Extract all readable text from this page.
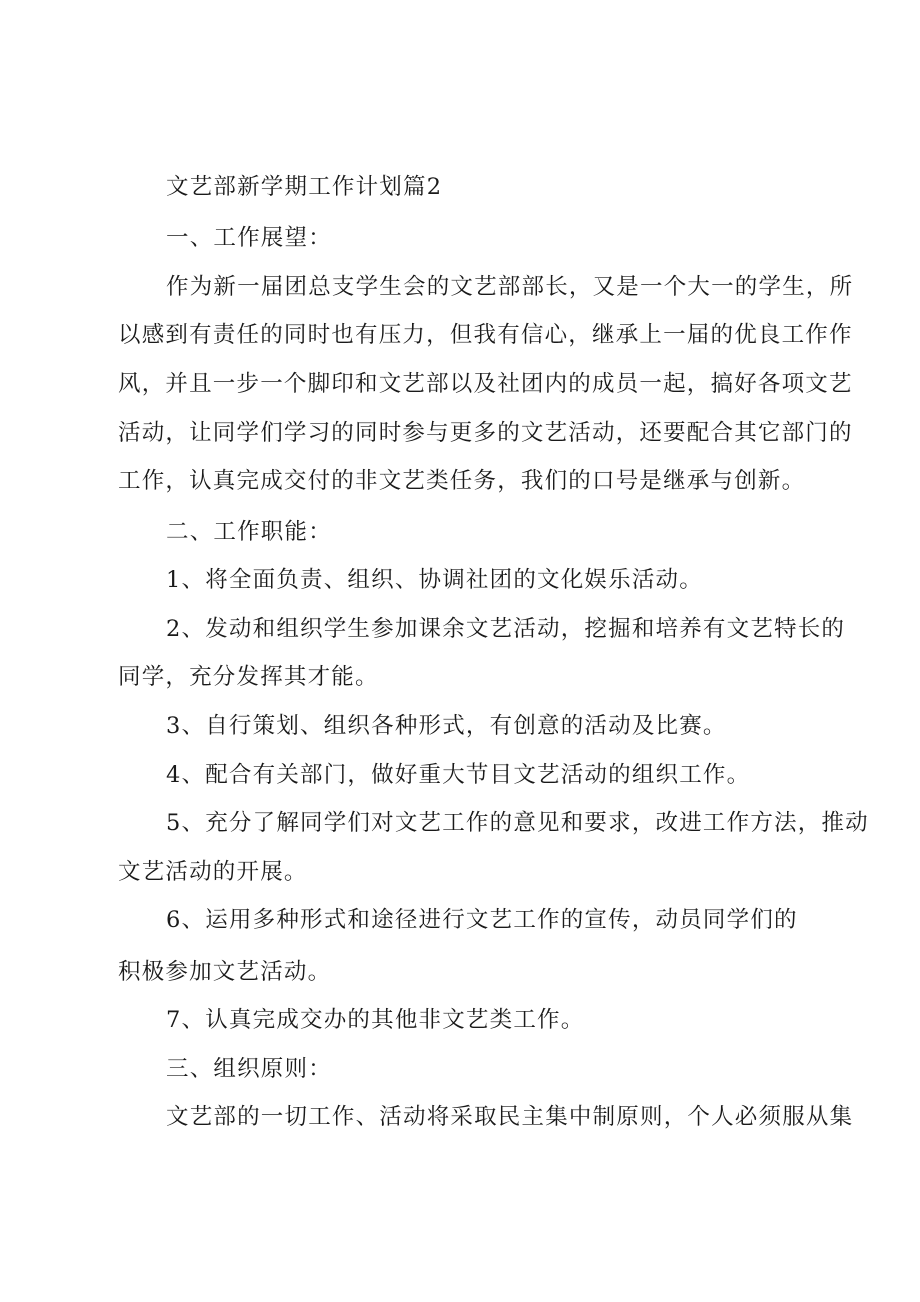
文艺部新学期工作计划篇2
一、工作展望：
作为新一届团总支学生会的文艺部部长，又是一个大一的学生，所
以感到有责任的同时也有压力，但我有信心，继承上一届的优良工作作
风，并且一步一个脚印和文艺部以及社团内的成员一起，搞好各项文艺
活动，让同学们学习的同时参与更多的文艺活动，还要配合其它部门的
工作，认真完成交付的非文艺类任务，我们的口号是继承与创新。
二、工作职能：
1、将全面负责、组织、协调社团的文化娱乐活动。
2、发动和组织学生参加课余文艺活动，挖掘和培养有文艺特长的
同学，充分发挥其才能。
3、自行策划、组织各种形式，有创意的活动及比赛。
4、配合有关部门，做好重大节目文艺活动的组织工作。
5、充分了解同学们对文艺工作的意见和要求，改进工作方法，推动
文艺活动的开展。
6、运用多种形式和途径进行文艺工作的宣传，动员同学们的
积极参加文艺活动。
7、认真完成交办的其他非文艺类工作。
三、组织原则：
文艺部的一切工作、活动将采取民主集中制原则，个人必须服从集
